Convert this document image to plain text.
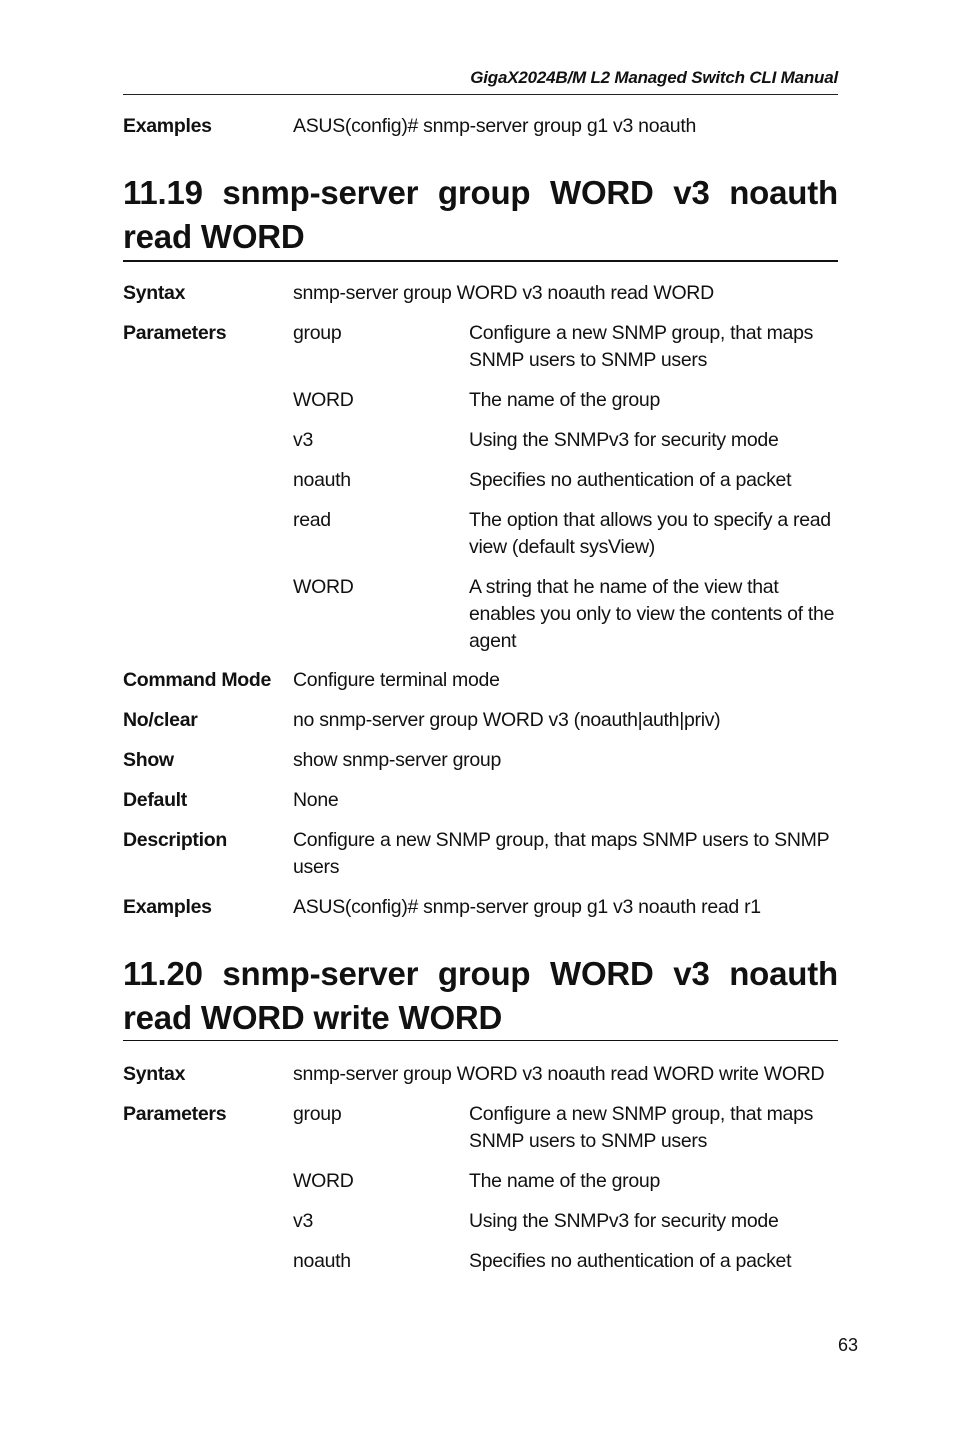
GigaX2024B/M L2 Managed Switch CLI Manual
Examples	ASUS(config)# snmp-server group g1 v3 noauth
11.19 snmp-server group WORD v3 noauth read WORD
Syntax	snmp-server group WORD v3 noauth read WORD
Parameters	group	Configure a new SNMP group, that maps SNMP users to SNMP users
WORD	The name of the group
v3	Using the SNMPv3 for security mode
noauth	Specifies no authentication of a packet
read	The option that allows you to specify a read view (default sysView)
WORD	A string that he name of the view that enables you only to view the contents of the agent
Command Mode	Configure terminal mode
No/clear	no snmp-server group WORD v3 (noauth|auth|priv)
Show	show snmp-server group
Default	None
Description	Configure a new SNMP group, that maps SNMP users to SNMP users
Examples	ASUS(config)# snmp-server group g1 v3 noauth read r1
11.20 snmp-server group WORD v3 noauth read WORD write WORD
Syntax	snmp-server group WORD v3 noauth read WORD write WORD
Parameters	group	Configure a new SNMP group, that maps SNMP users to SNMP users
WORD	The name of the group
v3	Using the SNMPv3 for security mode
noauth	Specifies no authentication of a packet
63
